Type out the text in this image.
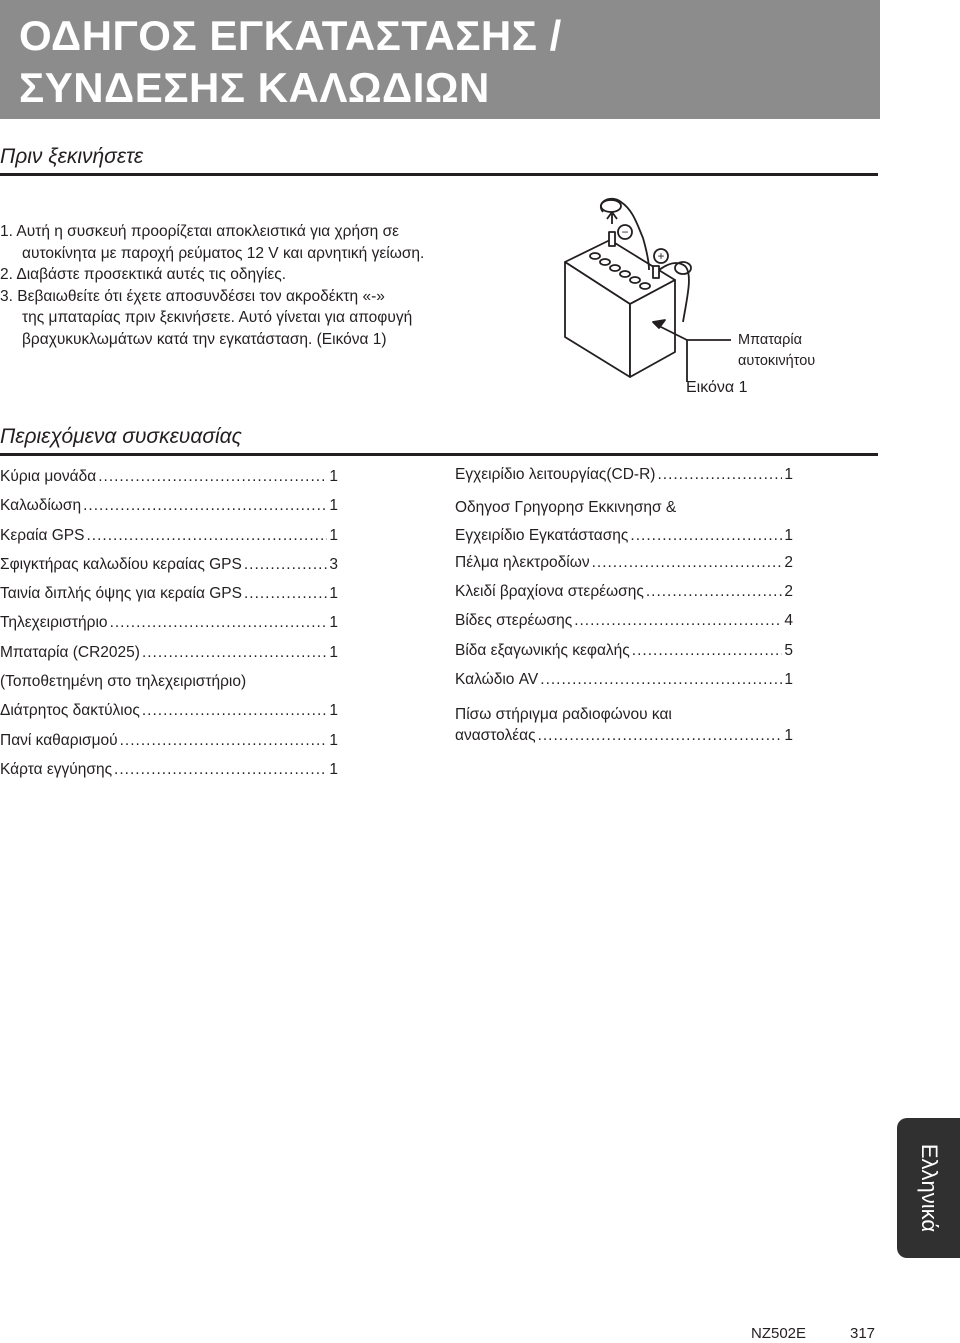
ΟΔΗΓΟΣ ΕΓΚΑΤΑΣΤΑΣΗΣ /
ΣΥΝΔΕΣΗΣ ΚΑΛΩΔΙΩΝ
Πριν ξεκινήσετε
1. Αυτή η συσκευή προορίζεται αποκλειστικά για χρήση σε

αυτοκίνητα με παροχή ρεύματος 12 V και αρνητική γείωση.
2. Διαβάστε προσεκτικά αυτές τις οδηγίες.
3. Βεβαιωθείτε ότι έχετε αποσυνδέσει τον ακροδέκτη «-»

της μπαταρίας πριν ξεκινήσετε. Αυτό γίνεται για αποφυγή
βραχυκυκλωμάτων κατά την εγκατάσταση. (Εικόνα 1)
−
+
Μπαταρία
αυτοκινήτου
Εικόνα 1
Περιεχόμενα συσκευασίας
Κύρια μονάδα .....	1
Καλωδίωση .....	1
Κεραία GPS .....	1
Σφιγκτήρας καλωδίου κεραίας GPS .....	3
Ταινία διπλής όψης για κεραία GPS .....	1
Τηλεχειριστήριο .....	1
Μπαταρία (CR2025) .....	1
(Τοποθετημένη στο τηλεχειριστήριο)
Διάτρητος δακτύλιος .....	1
Πανί καθαρισμού .....	1
Κάρτα εγγύησης .....	1
Εγχειρίδιο λειτουργίας(CD-R) .....	1
Οδηγοσ Γρηγορησ Εκκινησησ &
Εγχειρίδιο Εγκατάστασης .....	1
Πέλμα ηλεκτροδίων .....	2
Κλειδί βραχίονα στερέωσης .....	2
Βίδες στερέωσης .....	4
Βίδα εξαγωνικής κεφαλής .....	5
Καλώδιο AV .....	1
Πίσω στήριγμα ραδιοφώνου και
αναστολέας .....	1
Ελληνικά
NZ502E	317
